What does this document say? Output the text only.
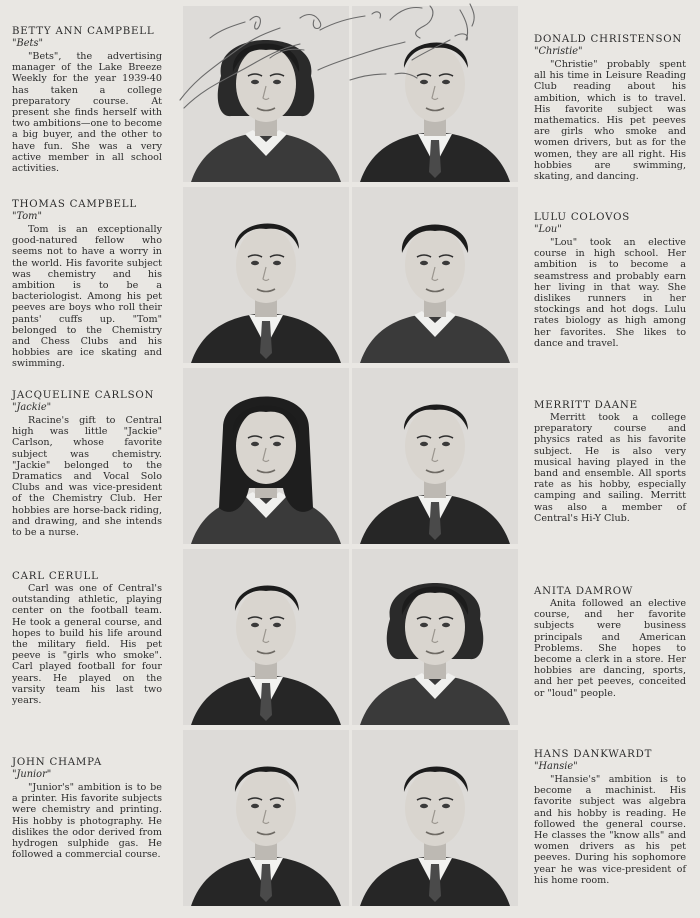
BETTY ANN CAMPBELL

"Bets"

"Bets", the advertising manager of the Lake Breeze Weekly for the year 1939-40 has taken a college preparatory course. At present she finds herself with two ambitions—one to become a big buyer, and the other to have fun. She was a very active member in all school activities.

DONALD CHRISTENSON

"Christie"

"Christie" probably spent all his time in Leisure Reading Club reading about his ambition, which is to travel. His favorite subject was mathematics. His pet peeves are girls who smoke and women drivers, but as for the women, they are all right. His hobbies are swimming, skating, and dancing.

THOMAS CAMPBELL

"Tom"

Tom is an exceptionally good-natured fellow who seems not to have a worry in the world. His favorite subject was chemistry and his ambition is to be a bacteriologist. Among his pet peeves are boys who roll their pants' cuffs up. "Tom" belonged to the Chemistry and Chess Clubs and his hobbies are ice skating and swimming.

LULU COLOVOS

"Lou"

"Lou" took an elective course in high school. Her ambition is to become a seamstress and probably earn her living in that way. She dislikes runners in her stockings and hot dogs. Lulu rates biology as high among her favorites. She likes to dance and travel.

JACQUELINE CARLSON

"Jackie"

Racine's gift to Central high was little "Jackie" Carlson, whose favorite subject was chemistry. "Jackie" belonged to the Dramatics and Vocal Solo Clubs and was vice-president of the Chemistry Club. Her hobbies are horse-back riding, and drawing, and she intends to be a nurse.

MERRITT DAANE

Merritt took a college preparatory course and physics rated as his favorite subject. He is also very musical having played in the band and ensemble. All sports rate as his hobby, especially camping and sailing. Merritt was also a member of Central's Hi-Y Club.

CARL CERULL

Carl was one of Central's outstanding athletic, playing center on the football team. He took a general course, and hopes to build his life around the military field. His pet peeve is "girls who smoke". Carl played football for four years. He played on the varsity team his last two years.

ANITA DAMROW

Anita followed an elective course, and her favorite subjects were business principals and American Problems. She hopes to become a clerk in a store. Her hobbies are dancing, sports, and her pet peeves, conceited or "loud" people.

JOHN CHAMPA

"Junior"

"Junior's" ambition is to be a printer. His favorite subjects were chemistry and printing. His hobby is photography. He dislikes the odor derived from hydrogen sulphide gas. He followed a commercial course.

HANS DANKWARDT

"Hansie"

"Hansie's" ambition is to become a machinist. His favorite subject was algebra and his hobby is reading. He followed the general course. He classes the "know alls" and women drivers as his pet peeves. During his sophomore year he was vice-president of his home room.
